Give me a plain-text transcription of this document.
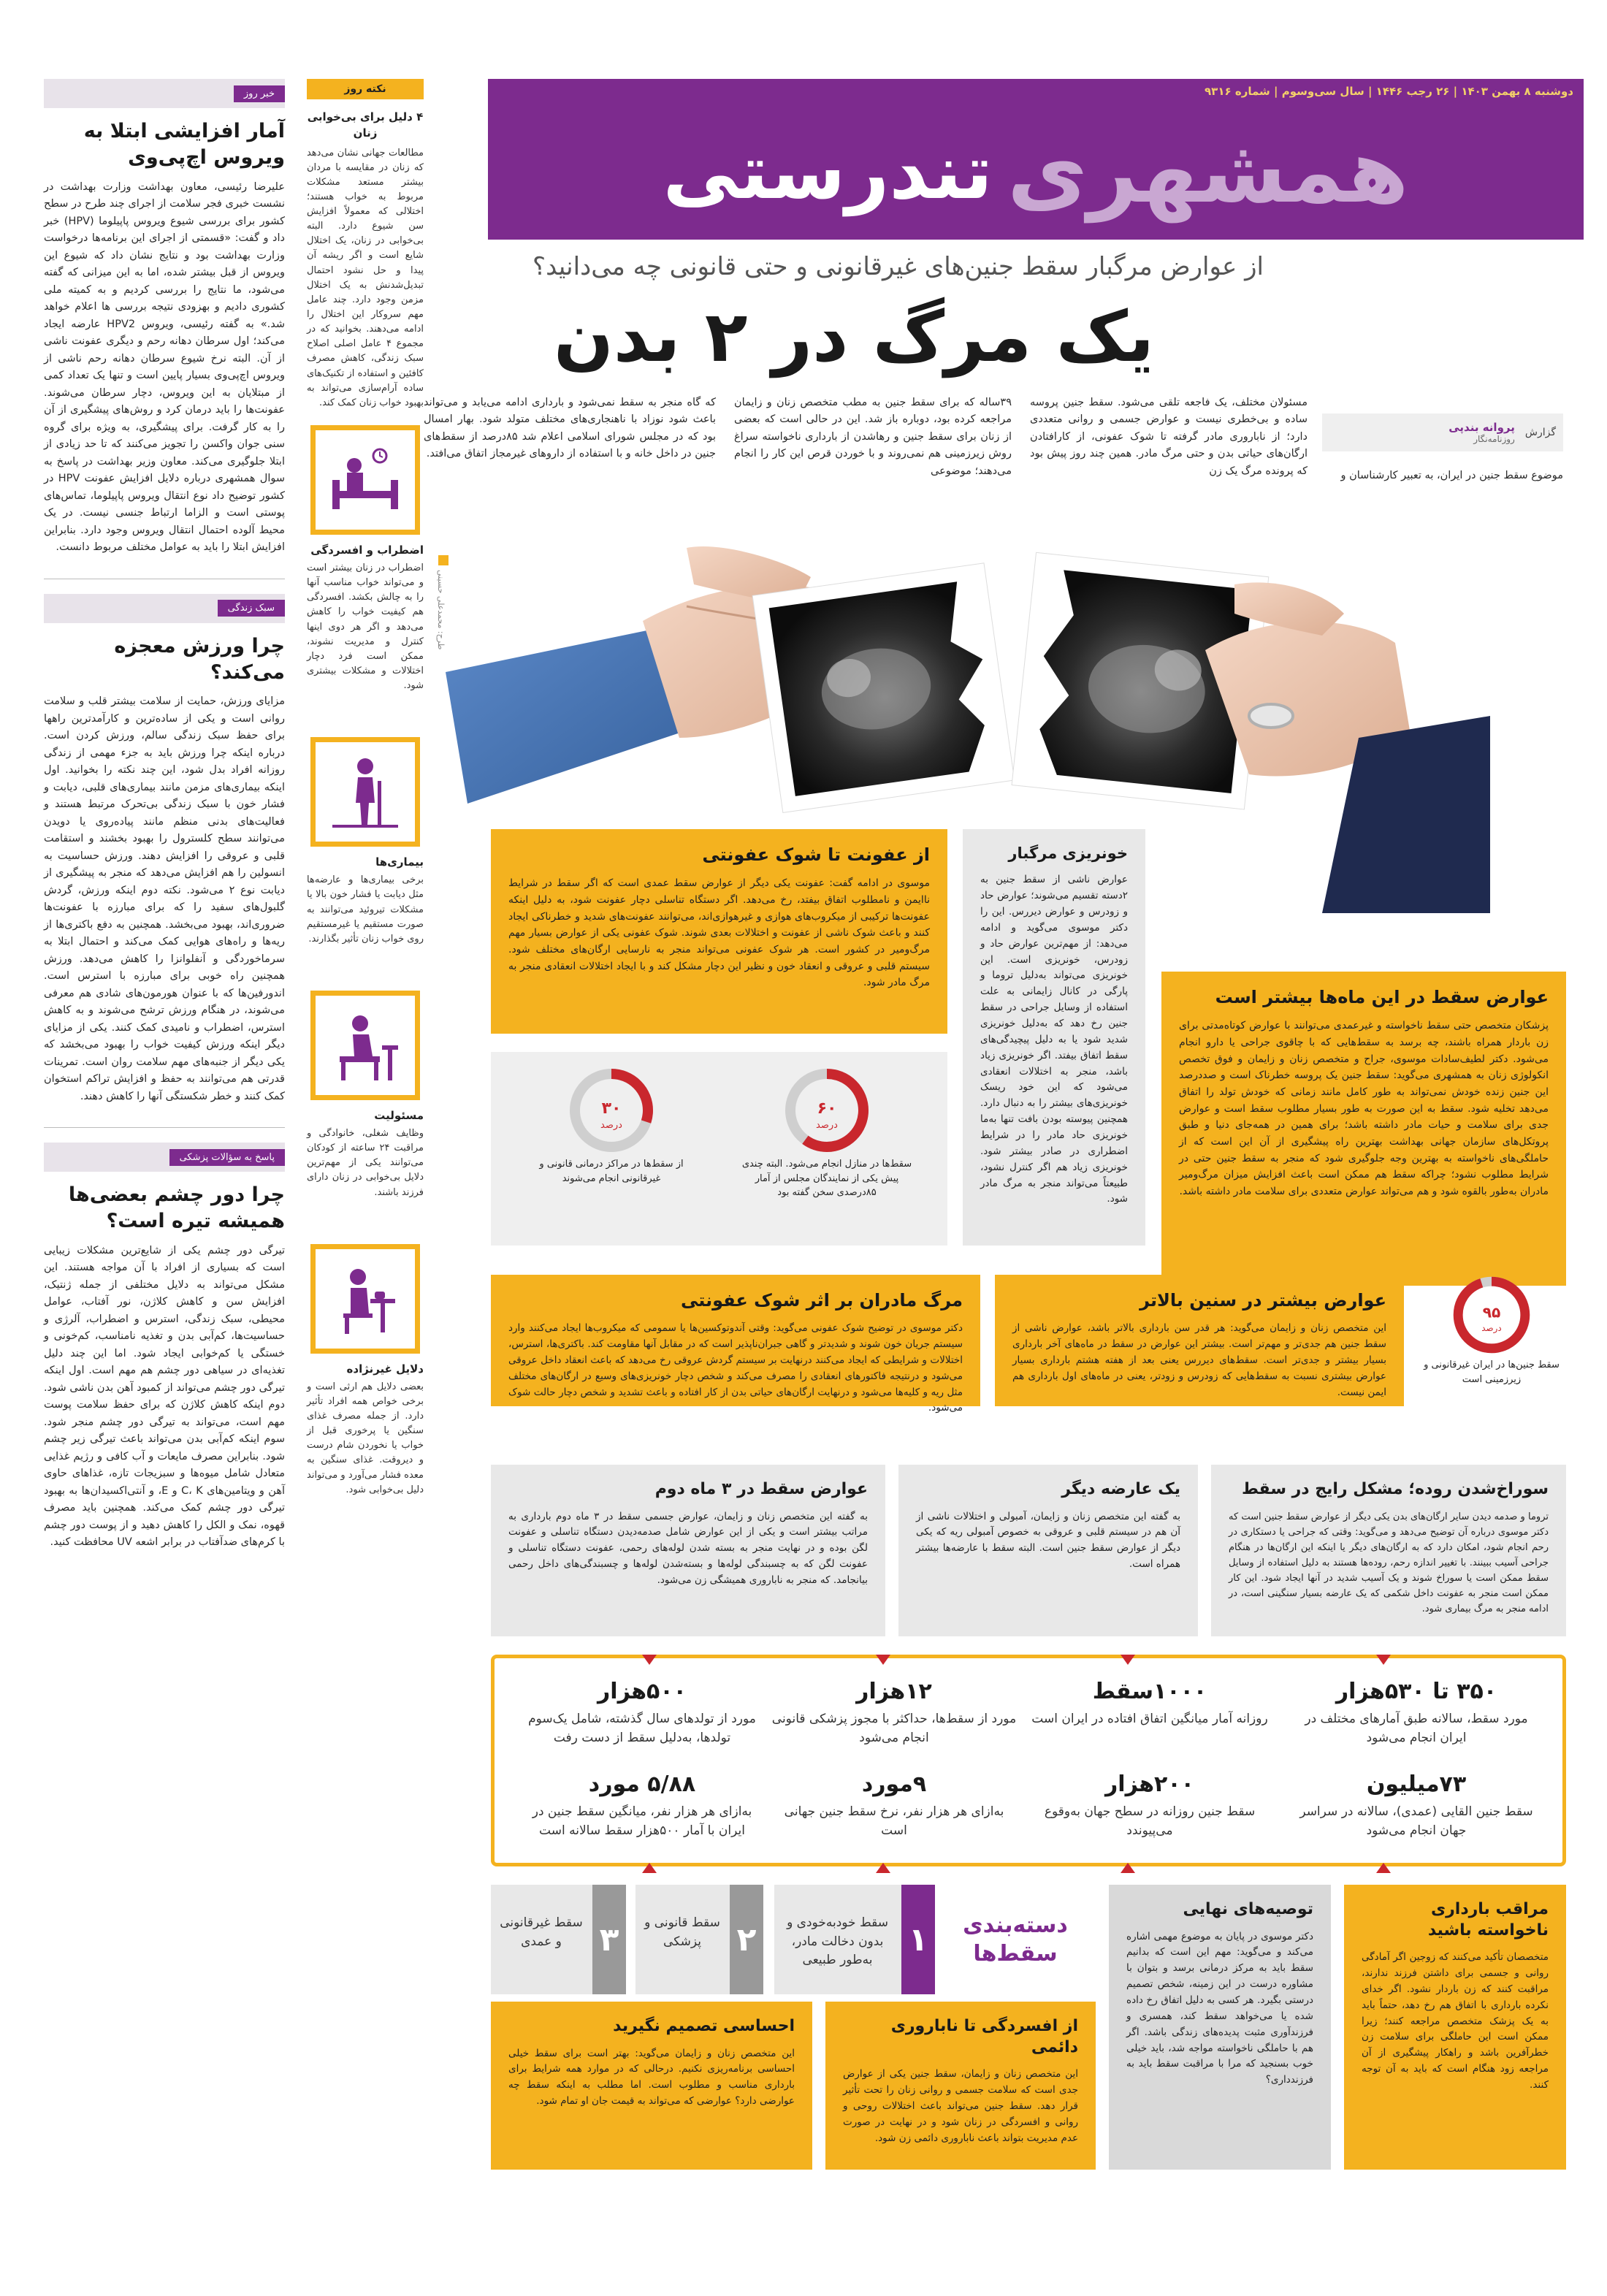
دوشنبه ۸ بهمن ۱۴۰۳ | ۲۶ رجب ۱۴۴۶ | سال سی‌وسوم | شماره ۹۳۱۶
همشهری
تندرستی
از عوارض مرگبار سقط جنین‌های غیرقانونی و حتی قانونی چه می‌دانید؟
یک مرگ در ۲ بدن
گزارش
پروانه بندپی
روزنامه‌نگار
موضوع سقط جنین در ایران، به تعبیر کارشناسان و
مسئولان مختلف، یک فاجعه تلقی می‌شود. سقط جنین پروسه ساده و بی‌خطری نیست و عوارض جسمی و روانی متعددی دارد؛ از ناباروری مادر گرفته تا شوک عفونی، از کارافتادن ارگان‌های حیاتی بدن و حتی مرگ مادر. همین چند روز پیش بود که پرونده مرگ یک زن
۳۹ساله که برای سقط جنین به مطب متخصص زنان و زایمان مراجعه کرده بود، دوباره باز شد. این در حالی است که بعضی از زنان برای سقط جنین و رهاشدن از بارداری ناخواسته سراغ روش زیرزمینی هم نمی‌روند و با خوردن قرص این کار را انجام می‌دهند؛ موضوعی
که گاه منجر به سقط نمی‌شود و بارداری ادامه می‌یابد و می‌تواند باعث شود نوزاد با ناهنجاری‌های مختلف متولد شود. بهار امسال بود که در مجلس شورای اسلامی اعلام شد ۸۵درصد از سقط‌های جنین در داخل خانه و با استفاده از داروهای غیرمجاز اتفاق می‌افتد.
طرح: محمدعلی حسینی
خبر روز
آمار افزایشی ابتلا به ویروس اچ‌پی‌وی
علیرضا رئیسی، معاون بهداشت وزارت بهداشت در نشست خبری فجر سلامت از اجرای چند طرح در سطح کشور برای بررسی شیوع ویروس پاپیلوما (HPV) خبر داد و گفت: «قسمتی از اجرای این برنامه‌ها درخواست وزارت بهداشت بود و نتایج نشان داد که شیوع این ویروس از قبل بیشتر شده، اما به این میزانی که گفته می‌شود، ما نتایج را بررسی کردیم و به کمیته ملی کشوری دادیم و بهزودی نتیجه بررسی ها اعلام خواهد شد.» به گفته رئیسی، ویروس HPV2 عارضه ایجاد می‌کند؛ اول سرطان دهانه رحم و دیگری عفونت ناشی از آن. البته نرخ شیوع سرطان دهانه رحم ناشی از ویروس اچ‌پی‌وی بسیار پایین است و تنها یک تعداد کمی از مبتلایان به این ویروس، دچار سرطان می‌شوند. عفونت‌ها را باید درمان کرد و روش‌های پیشگیری از آن را به کار گرفت. برای پیشگیری، به ویژه برای گروه سنی جوان واکسن را تجویز می‌کنند که تا حد زیادی از ابتلا جلوگیری می‌کند. معاون وزیر بهداشت در پاسخ به سوال همشهری درباره دلایل افزایش عفونت HPV در کشور توضیح داد نوع انتقال ویروس پاپیلوما، تماس‌های پوستی است و الزاما ارتباط جنسی نیست. در یک محیط آلوده احتمال انتقال ویروس وجود دارد. بنابراین افزایش ابتلا را باید به عوامل مختلف مربوط دانست.
سبک زندگی
چرا ورزش معجزه می‌کند؟
مزایای ورزش، حمایت از سلامت بیشتر قلب و سلامت روانی است و یکی از ساده‌ترین و کارآمدترین راهها برای حفظ سبک زندگی سالم، ورزش کردن است. درباره اینکه چرا ورزش باید به جزء مهمی از زندگی روزانه افراد بدل شود، این چند نکته را بخوانید. اول اینکه بیماری‌های مزمن مانند بیماری‌های قلبی، دیابت و فشار خون با سبک زندگی بی‌تحرک مرتبط هستند و فعالیت‌های بدنی منظم مانند پیاده‌روی یا دویدن می‌توانند سطح کلسترول را بهبود بخشند و استقامت قلبی و عروقی را افزایش دهند. ورزش حساسیت به انسولین را هم افزایش می‌دهد که منجر به پیشگیری از دیابت نوع ۲ می‌شود. نکته دوم اینکه ورزش، گردش گلبول‌های سفید را که برای مبارزه با عفونت‌ها ضروری‌اند، بهبود می‌بخشد. همچنین به دفع باکتری‌ها از ریه‌ها و راه‌های هوایی کمک می‌کند و احتمال ابتلا به سرماخوردگی و آنفلوانزا را کاهش می‌دهد. ورزش همچنین راه خوبی برای مبارزه با استرس است. اندورفین‌ها که با عنوان هورمون‌های شادی هم معرفی می‌شوند، در هنگام ورزش ترشح می‌شوند و به کاهش استرس، اضطراب و نامیدی کمک کنند. یکی از مزایای دیگر اینکه ورزش کیفیت خواب را بهبود می‌بخشد که یکی دیگر از جنبه‌های مهم سلامت روان است. تمرینات قدرتی هم می‌توانند به حفظ و افزایش تراکم استخوان کمک کنند و خطر شکستگی آنها را کاهش دهند.
پاسخ به سؤالات پزشکی
چرا دور چشم بعضی‌ها همیشه تیره است؟
تیرگی دور چشم یکی از شایع‌ترین مشکلات زیبایی است که بسیاری از افراد با آن مواجه هستند. این مشکل می‌تواند به دلایل مختلفی از جمله ژنتیک، افزایش سن و کاهش کلاژن، نور آفتاب، عوامل محیطی، سبک زندگی، استرس و اضطراب، آلرژی و حساسیت‌ها، کم‌آبی بدن و تغذیه نامناسب، کم‌خونی و خستگی یا کم‌خوابی ایجاد شود. اما این چند دلیل تغذیه‌ای در سیاهی دور چشم هم مهم است. اول اینکه تیرگی دور چشم می‌تواند از کمبود آهن بدن ناشی شود. دوم اینکه کاهش کلاژن که برای حفظ سلامت پوست مهم است، می‌تواند به تیرگی دور چشم منجر شود. سوم اینکه کم‌آبی بدن می‌تواند باعث تیرگی زیر چشم شود. بنابراین مصرف مایعات و آب کافی و رژیم غذایی متعادل شامل میوه‌ها و سبزیجات تازه، غذاهای حاوی آهن و ویتامین‌های C، K و E، و آنتی‌اکسیدان‌ها به بهبود تیرگی دور چشم کمک می‌کند. همچنین باید مصرف قهوه، نمک و الکل را کاهش دهید و از پوست دور چشم با کرم‌های ضدآفتاب در برابر اشعه UV محافظت کنید.
نکته روز
۴ دلیل برای بی‌خوابی زنان
مطالعات جهانی نشان می‌دهد که زنان در مقایسه با مردان بیشتر مستعد مشکلات مربوط به خواب هستند؛ اختلالی که معمولاً افزایش سن شیوع دارد. البته بی‌خوابی در زنان، یک اختلال شایع است و اگر ریشه آن پیدا و حل نشود احتمال تبدیل‌شدنش به یک اختلال مزمن وجود دارد. چند عامل مهم سروکار این اختلال را ادامه می‌دهند. بخوانید که در مجموع ۴ عامل اصلی اصلاح سبک زندگی، کاهش مصرف کافئین و استفاده از تکنیک‌های ساده آرام‌سازی می‌تواند به بهبود خواب زنان کمک کند.
اضطراب و افسردگی
اضطراب در زنان بیشتر است و می‌تواند خواب مناسب آنها را به چالش بکشد. افسردگی هم کیفیت خواب را کاهش می‌دهد و اگر هر دوی اینها کنترل و مدیریت نشوند، ممکن است فرد دچار اختلالات و مشکلات بیشتری شود.
بیماری‌ها
برخی بیماری‌ها و عارضه‌ها مثل دیابت یا فشار خون بالا یا مشکلات تیروئید می‌توانند به صورت مستقیم یا غیرمستقیم روی خواب زنان تأثیر بگذارند.
مسئولیت
وظایف شغلی، خانوادگی و مراقبت ۲۴ ساعته از کودکان می‌توانند یکی از مهم‌ترین دلایل بی‌خوابی در زنان دارای فرزند باشند.
دلایل غیرنژاده
بعضی دلایل هم ارثی است و برخی خواص همه افراد تأثیر دارد. از جمله مصرف غذای سنگین یا پرخوری قبل از خواب یا نخوردن شام درست و دیروقت. غذای سنگین به معده فشار می‌آورد و می‌تواند دلیل بی‌خوابی شود.
عوارض سقط در این ماه‌ها بیشتر است
پزشکان متخصص حتی سقط ناخواسته و غیرعمدی می‌توانند با عوارض کوتاه‌مدتی برای زن باردار همراه باشند، چه برسد به سقط‌هایی که با چاقوی جراحی یا دارو انجام می‌شود. دکتر لطیف‌سادات موسوی، جراح و متخصص زنان و زایمان و فوق تخصص انکولوژی زنان به همشهری می‌گوید: سقط جنین یک پروسه خطرناک است و صددرصد این جنین زنده خودش نمی‌تواند به طور کامل مانند زمانی که خودش تولد را اتفاق می‌دهد تخلیه شود. سقط به این صورت به طور بسیار مطلوب سقط است و عوارض جدی برای سلامت و حیات مادر داشته باشد؛ برای همین در همه‌جای دنیا و طبق پروتکل‌های سازمان جهانی بهداشت بهترین راه پیشگیری از آن این است که از حاملگی‌های ناخواسته به بهترین وجه جلوگیری شود که منجر به سقط جنین حتی در شرایط مطلوب نشود؛ چراکه سقط هم ممکن است باعث افزایش میزان مرگ‌ومیر مادران به‌طور بالقوه شود و هم می‌تواند عوارض متعددی برای سلامت مادر داشته باشد.
خونریزی مرگبار
عوارض ناشی از سقط جنین به ۲دسته تقسیم می‌شوند؛ عوارض حاد و زودرس و عوارض دیررس. این را دکتر موسوی می‌گوید و ادامه می‌دهد: از مهم‌ترین عوارض حاد و زودرس، خونریزی است. این خونریزی می‌تواند به‌دلیل تروما و پارگی در کانال زایمانی به علت استفاده از وسایل جراحی در سقط جنین رخ دهد که به‌دلیل خونریزی شدید شود یا به دلیل پیچیدگی‌های سقط اتفاق بیفتد. اگر خونریزی زیاد باشد، منجر به اختلالات انعقادی می‌شود که این خود ریسک خونریزی‌های بیشتر را به دنبال دارد. همچنین پیوسته بودن بافت تنها به‌ما خونریزی حاد مادر را در شرایط اضطراری در صادر بیشتر شود. خونریزی زیاد هم اگر کنترل نشود، طبیعتاً می‌تواند منجر به مرگ مادر شود.
از عفونت تا شوک عفونتی
موسوی در ادامه گفت: عفونت یکی دیگر از عوارض سقط عمدی است که اگر سقط در شرایط ناایمن و نامطلوب اتفاق بیفتد، رخ می‌دهد. اگر دستگاه تناسلی دچار عفونت شود، به دلیل اینکه عفونت‌ها ترکیبی از میکروب‌های هوازی و غیرهوازی‌اند، می‌توانند عفونت‌های شدید و خطرناکی ایجاد کنند و باعث شوک ناشی از عفونت و اختلالات بعدی شوند. شوک عفونی یکی از عوارض بسیار مهم مرگ‌ومیر در کشور است. هر شوک عفونی می‌تواند منجر به نارسایی ارگان‌های مختلف شود. سیستم قلبی و عروقی و انعقاد خون و نظیر این دچار مشکل کند و با ایجاد اختلالات انعقادی منجر به مرگ مادر شود.
۶۰
درصد
سقط‌ها در منازل انجام می‌شود. البته چندی پیش یکی از نمایندگان مجلس از آمار ۸۵درصدی سخن گفته بود
۳۰
درصد
از سقط‌ها در مراکز درمانی قانونی و غیرقانونی انجام می‌شوند
۹۵
درصد
سقط جنین‌ها در ایران غیرقانونی و زیرزمینی است
عوارض بیشتر در سنین بالاتر
این متخصص زنان و زایمان می‌گوید: هر قدر سن بارداری بالاتر باشد، عوارض ناشی از سقط جنین هم جدی‌تر و مهم‌تر است. بیشتر این عوارض در سقط در ماه‌های آخر بارداری بسیار بیشتر و جدی‌تر است. سقط‌های دیررس یعنی بعد از هفته هشتم بارداری بسیار عوارض بیشتری نسبت به سقط‌هایی که زودرس و زودتر، یعنی در ماه‌های اول بارداری هم ایمن نیست.
مرگ مادران بر اثر شوک عفونتی
دکتر موسوی در توضیح شوک عفونی می‌گوید: وقتی آندوتوکسین‌ها یا سمومی که میکروب‌ها ایجاد می‌کنند وارد سیستم جریان خون شوند و شدیدتر و گاهی جبران‌ناپذیر است که در مقابل آنها مقاومت کند. باکتری‌ها، استرس، اختلالات و شرایطی که ایجاد می‌کنند درنهایت بر سیستم گردش عروقی رخ می‌دهد که باعث انعقاد داخل عروقی می‌شود و درنتیجه فاکتورهای انعقادی را مصرف می‌کند و شخص دچار خونریزی‌های وسیع در ارگان‌های مختلف مثل ریه و کلیه‌ها می‌شود و درنهایت ارگان‌های حیاتی بدن از کار افتاده و باعث تشدید و شخص دچار حالت شوک می‌شود.
سوراخ‌شدن روده؛ مشکل رایج در سقط
تروما و صدمه دیدن سایر ارگان‌های بدن یکی دیگر از عوارض سقط جنین است که دکتر موسوی درباره آن توضیح می‌دهد و می‌گوید: وقتی که جراحی یا دستکاری در رحم انجام شود، امکان دارد که به ارگان‌های دیگر یا اینکه این ارگان‌ها در هنگام جراحی آسیب ببینند. با تغییر اندازه رحم، روده‌ها هستند به دلیل استفاده از وسایل سقط ممکن است یا سوراخ شوند و یک آسیب شدید در آنها ایجاد شود. این کار ممکن است منجر به عفونت داخل شکمی که یک عارضه بسیار سنگینی است، در ادامه منجر به مرگ بیماری شود.
یک عارضه دیگر
به گفته این متخصص زنان و زایمان، آمبولی و اختلالات ناشی از آن هم در سیستم قلبی و عروقی به خصوص آمبولی ریه که یکی دیگر از عوارض سقط جنین است. البته سقط با عارضه‌ها بیشتر همراه است.
عوارض سقط در ۳ ماه دوم
به گفته این متخصص زنان و زایمان، عوارض جسمی سقط در ۳ ماه دوم بارداری به مراتب بیشتر است و یکی از این عوارض شامل صدمه‌دیدن دستگاه تناسلی و عفونت لگن بوده و در نهایت منجر به بسته شدن لوله‌های رحمی، عفونت دستگاه تناسلی و عفونت لگن که به چسبندگی لوله‌ها و بسته‌شدن لوله‌ها و چسبندگی‌های داخل رحمی بیانجامد. که منجر به ناباروری همیشگی زن می‌شود.
۳۵۰ تا ۵۳۰هزار
مورد سقط، سالانه طبق آمارهای مختلف در ایران انجام می‌شود
۱۰۰۰سقط
روزانه آمار میانگین اتفاق افتاده در ایران است
۱۲هزار
مورد از سقط‌ها، حداکثر با مجوز پزشکی قانونی انجام می‌شود
۵۰۰هزار
مورد از تولدهای سال گذشته، شامل یک‌سوم تولدها، به‌دلیل سقط از دست رفت
۷۳میلیون
سقط جنین القایی (عمدی)، سالانه در سراسر جهان انجام می‌شود
۲۰۰هزار
سقط جنین روزانه در سطح جهان به‌وقوع می‌پیوندد
۹مورد
به‌ازای هر هزار نفر، نرخ سقط جنین جهانی است
۵/۸۸ مورد
به‌ازای هر هزار نفر، میانگین سقط جنین در ایران با آمار ۵۰۰هزار سقط سالانه است
دسته‌بندی سقط‌ها
۱
سقط خودبه‌خودی و بدون دخالت مادر، به‌طور طبیعی
۲
سقط قانونی و پزشکی
۳
سقط غیرقانونی و عمدی
مراقب بارداری ناخواسته باشید
متخصصان تأکید می‌کنند که زوجین اگر آمادگی روانی و جسمی برای داشتن فرزند ندارند، مراقبت کنند که زن باردار نشود. اگر خدای نکرده بارداری با اتفاق هم رخ دهد، حتماً باید به یک پزشک متخصص مراجعه کنند؛ زیرا ممکن است این حاملگی برای سلامت زن خطرآفرین باشد و راهکار پیشگیری از آن مراجعه زود هنگام است که باید به آن توجه کنند.
توصیه‌های نهایی
دکتر موسوی در پایان به موضوع مهمی اشاره می‌کند و می‌گوید: مهم این است که بدانیم سقط باید به مرکز درمانی برسد و بتوان با مشاوره درست در این زمینه، شخص تصمیم درستی بگیرد. هر کسی به دلیل اتفاق رخ داده شده یا می‌خواهد سقط کند، همسری و فرزندآوری مثبت پدیده‌های زندگی باشد. اگر هم با حاملگی ناخواسته مواجه شد، باید خیلی خوب بسنجید که مرا با مراقبت سقط باید به فرزندداری؟
از افسردگی تا ناباروری دائمی
این متخصص زنان و زایمان، سقط جنین یکی از عوارض جدی است که سلامت جسمی و روانی زنان را تحت تأثیر قرار دهد. سقط جنین می‌تواند باعث اختلالات روحی و روانی و افسردگی در زنان شود و در نهایت در صورت عدم مدیریت بتواند باعث ناباروری دائمی زن شود.
احساسی تصمیم نگیرید
این متخصص زنان و زایمان می‌گوید: بهتر است برای سقط خیلی احساسی برنامه‌ریزی نکنیم. درحالی که در موارد همه شرایط برای بارداری مناسب و مطلوب است. اما مطلب به اینکه سقط چه عوارضی دارد؟ عوارضی که می‌تواند به قیمت جان او تمام شود.
